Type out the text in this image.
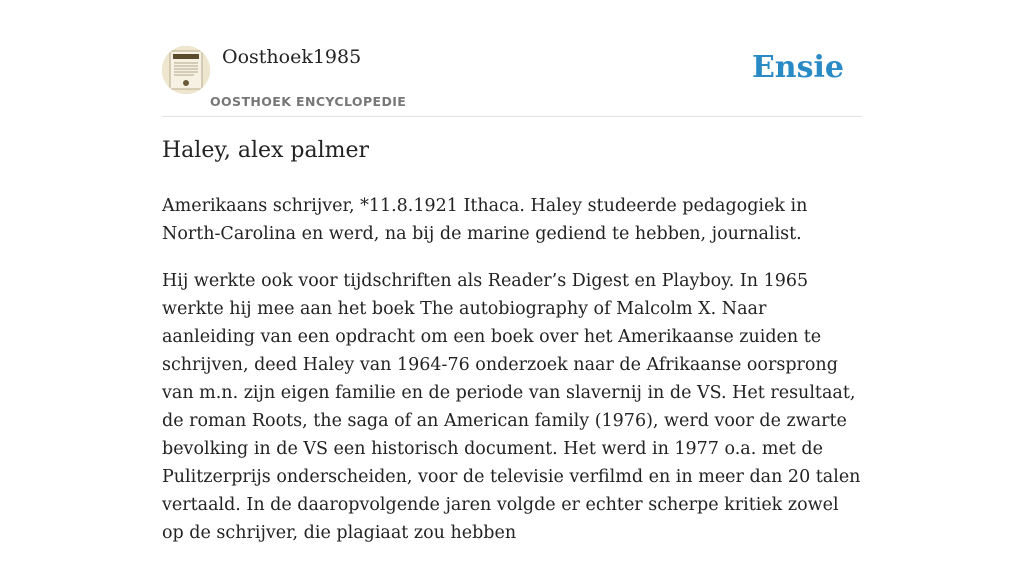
Oosthoek1985
OOSTHOEK ENCYCLOPEDIE
Ensie
Haley, alex palmer

Amerikaans schrijver, *11.8.1921 Ithaca. Haley studeerde pedagogiek in North-Carolina en werd, na bij de marine gediend te hebben, journalist.

Hij werkte ook voor tijdschriften als Reader’s Digest en Playboy. In 1965 werkte hij mee aan het boek The autobiography of Malcolm X. Naar aanleiding van een opdracht om een boek over het Amerikaanse zuiden te schrijven, deed Haley van 1964-76 onderzoek naar de Afrikaanse oorsprong van m.n. zijn eigen familie en de periode van slavernij in de VS. Het resultaat, de roman Roots, the saga of an American family (1976), werd voor de zwarte bevolking in de VS een historisch document. Het werd in 1977 o.a. met de Pulitzerprijs onderscheiden, voor de televisie verfilmd en in meer dan 20 talen vertaald. In de daaropvolgende jaren volgde er echter scherpe kritiek zowel op de schrijver, die plagiaat zou hebben
